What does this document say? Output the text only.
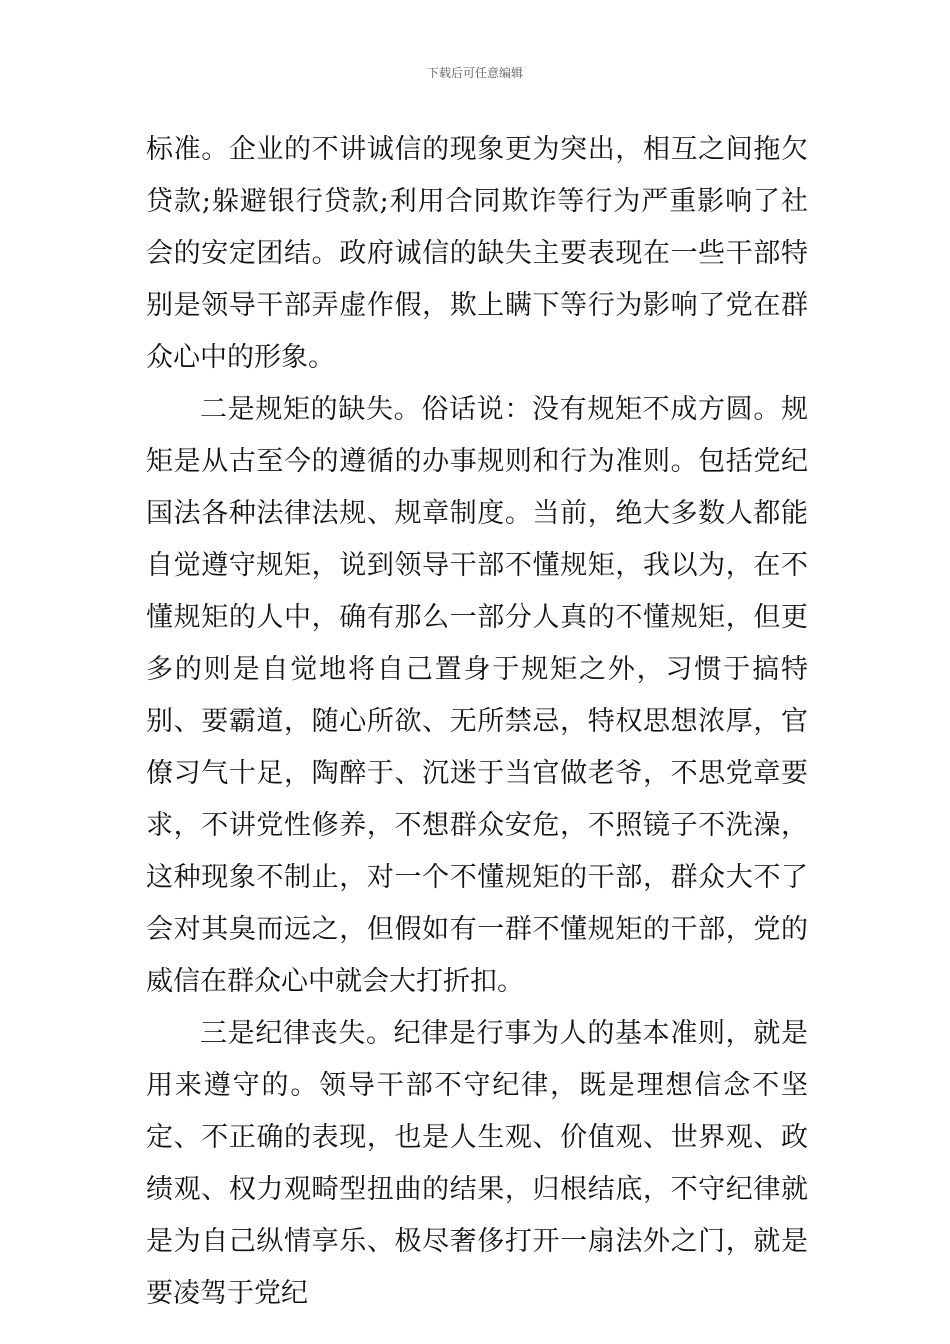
下载后可任意编辑

标准。企业的不讲诚信的现象更为突出，相互之间拖欠贷款;躲避银行贷款;利用合同欺诈等行为严重影响了社会的安定团结。政府诚信的缺失主要表现在一些干部特别是领导干部弄虚作假，欺上瞒下等行为影响了党在群众心中的形象。

二是规矩的缺失。俗话说：没有规矩不成方圆。规矩是从古至今的遵循的办事规则和行为准则。包括党纪国法各种法律法规、规章制度。当前，绝大多数人都能自觉遵守规矩，说到领导干部不懂规矩，我以为，在不懂规矩的人中，确有那么一部分人真的不懂规矩，但更多的则是自觉地将自己置身于规矩之外，习惯于搞特别、要霸道，随心所欲、无所禁忌，特权思想浓厚，官僚习气十足，陶醉于、沉迷于当官做老爷，不思党章要求，不讲党性修养，不想群众安危，不照镜子不洗澡，这种现象不制止，对一个不懂规矩的干部，群众大不了会对其臭而远之，但假如有一群不懂规矩的干部，党的威信在群众心中就会大打折扣。

三是纪律丧失。纪律是行事为人的基本准则，就是用来遵守的。领导干部不守纪律，既是理想信念不坚定、不正确的表现，也是人生观、价值观、世界观、政绩观、权力观畸型扭曲的结果，归根结底，不守纪律就是为自己纵情享乐、极尽奢侈打开一扇法外之门，就是要凌驾于党纪
